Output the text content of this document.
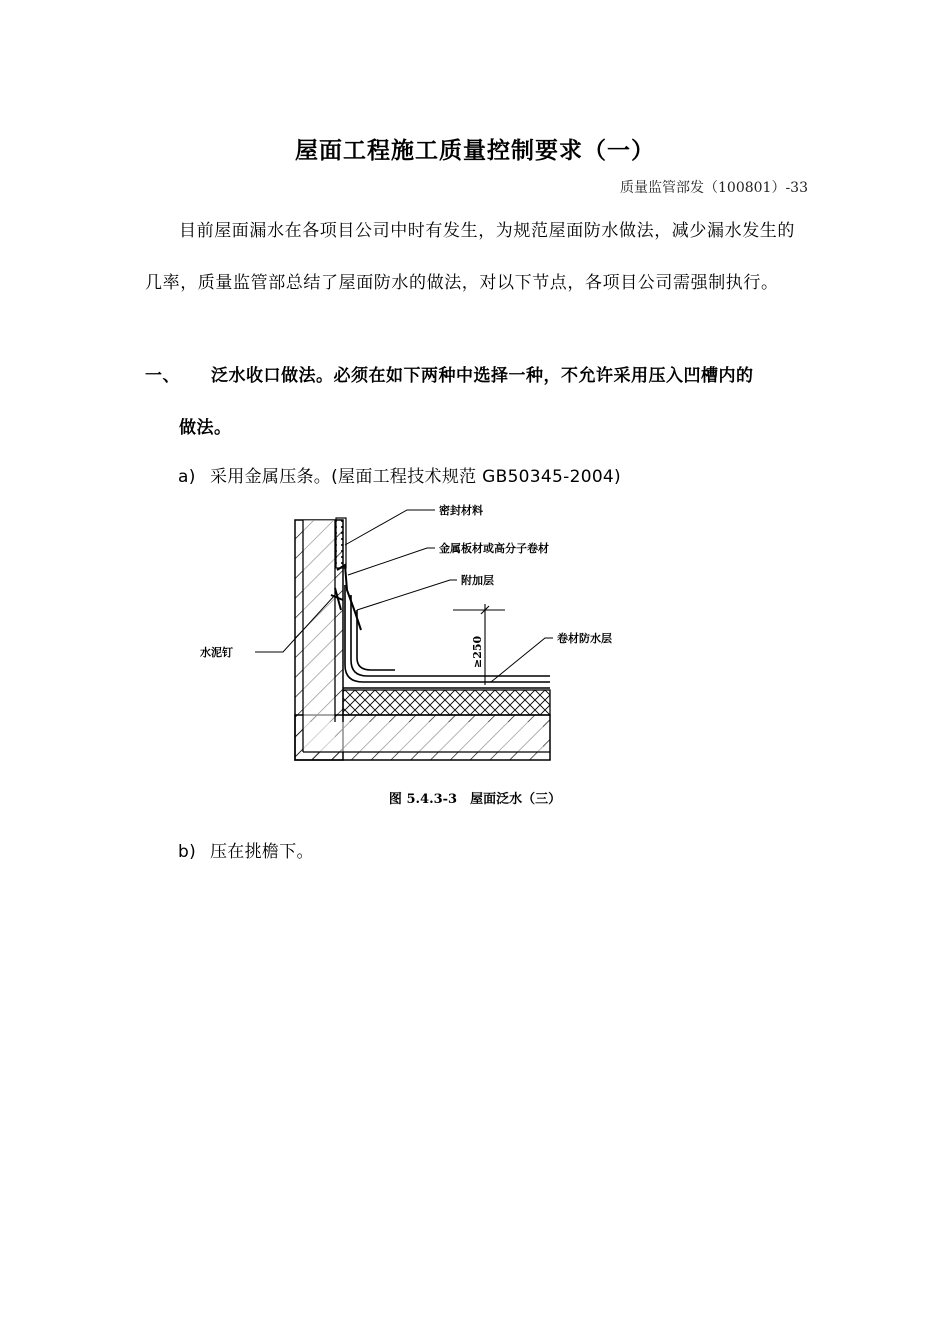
屋面工程施工质量控制要求（一）
质量监管部发（100801）-33
目前屋面漏水在各项目公司中时有发生，为规范屋面防水做法，减少漏水发生的几率，质量监管部总结了屋面防水的做法，对以下节点，各项目公司需强制执行。
一、 泛水收口做法。必须在如下两种中选择一种，不允许采用压入凹槽内的
做法。
a) 采用金属压条。(屋面工程技术规范 GB50345-2004)
≥250
密封材料
金属板材或高分子卷材
附加层
水泥钉
卷材防水层
图 5.4.3-3　屋面泛水（三）
b) 压在挑檐下。
